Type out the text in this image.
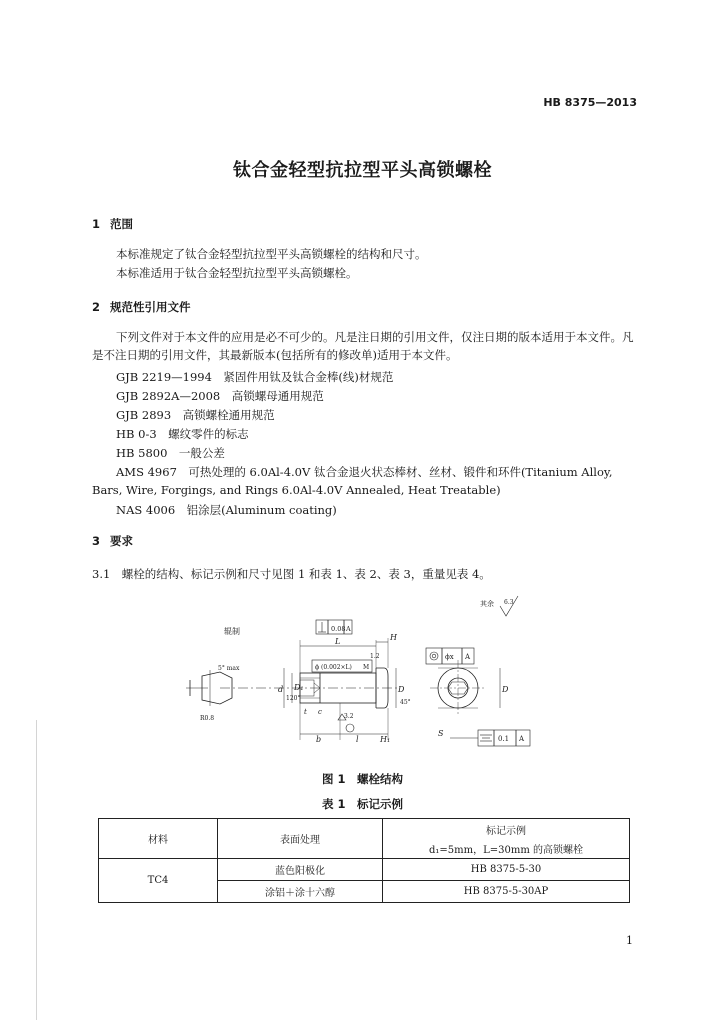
HB 8375—2013
钛合金轻型抗拉型平头高锁螺栓
1 范围
本标准规定了钛合金轻型抗拉型平头高锁螺栓的结构和尺寸。
本标准适用于钛合金轻型抗拉型平头高锁螺栓。
2 规范性引用文件
下列文件对于本文件的应用是必不可少的。凡是注日期的引用文件，仅注日期的版本适用于本文件。凡是不注日期的引用文件，其最新版本(包括所有的修改单)适用于本文件。
GJB 2219—1994　紧固件用钛及钛合金棒(线)材规范
GJB 2892A—2008　高锁螺母通用规范
GJB 2893　高锁螺栓通用规范
HB 0-3　螺纹零件的标志
HB 5800　一般公差
AMS 4967　可热处理的 6.0Al-4.0V 钛合金退火状态棒材、丝材、锻件和环件(Titanium Alloy, Bars, Wire, Forgings, and Rings 6.0Al-4.0V Annealed, Heat Treatable)
NAS 4006　铝涂层(Aluminum coating)
3 要求
3.1　螺栓的结构、标记示例和尺寸见图 1 和表 1、表 2、表 3，重量见表 4。
辊制
5° max
R0.8
0.08 A
ϕ (0.002×L) M
L	H
d
120°
D₁	D
45°
3.2
b	l	H₁
t c
1.2	ϕx A
D
S
0.1 A
其余 6.3
图 1　螺栓结构
表 1　标记示例
材料	表面处理	标记示例
d₁=5mm，L=30mm 的高锁螺栓

TC4	蓝色阳极化	HB 8375-5-30
	涂铝＋涂十六醇	HB 8375-5-30AP
1
